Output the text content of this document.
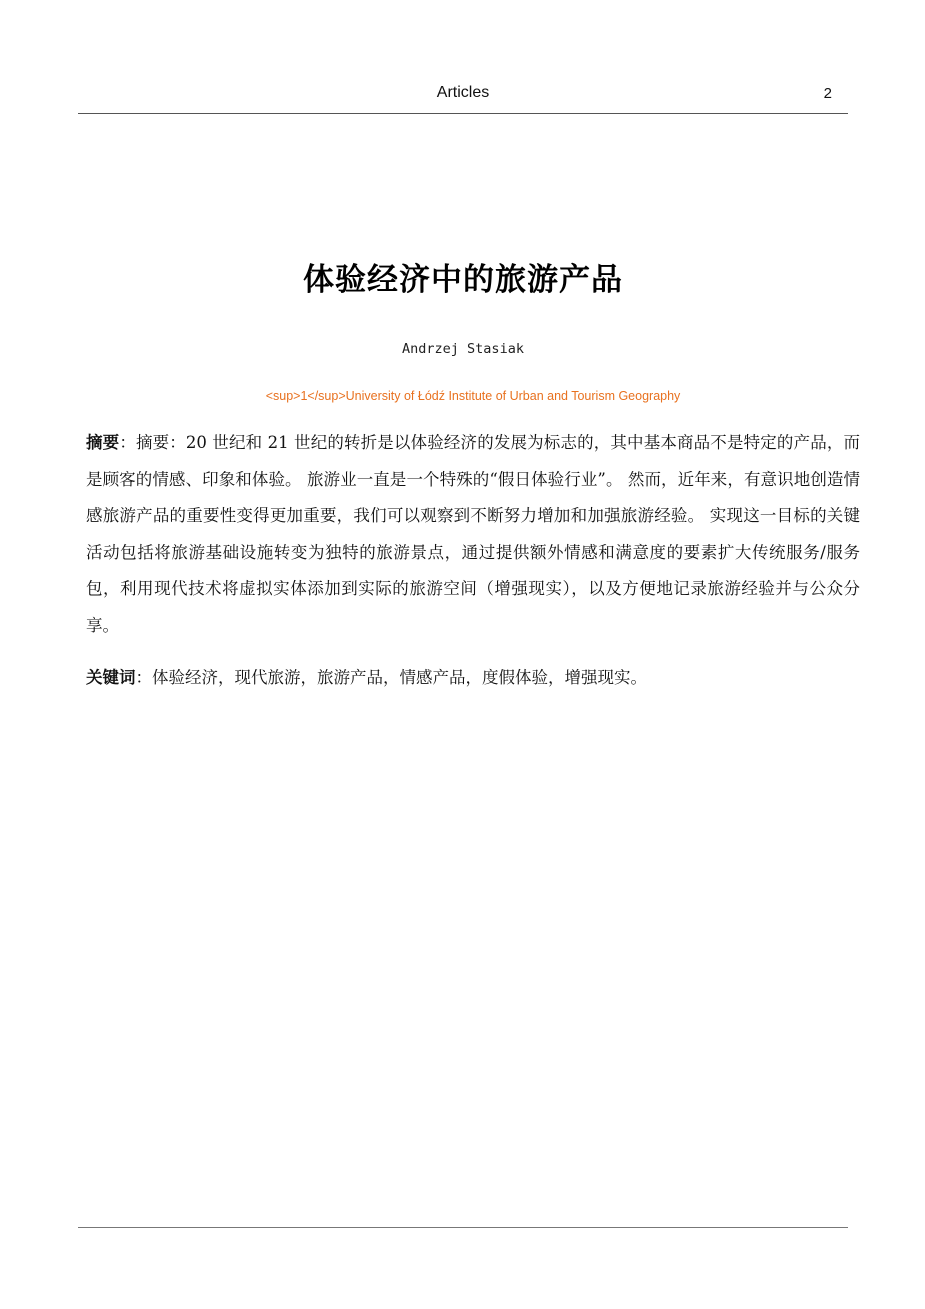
Articles	2
体验经济中的旅游产品
Andrzej Stasiak
<sup>1</sup>University of Łódź Institute of Urban and Tourism Geography
摘要：摘要：20 世纪和 21 世纪的转折是以体验经济的发展为标志的，其中基本商品不是特定的产品，而是顾客的情感、印象和体验。 旅游业一直是一个特殊的“假日体验行业”。 然而，近年来，有意识地创造情感旅游产品的重要性变得更加重要，我们可以观察到不断努力增加和加强旅游经验。 实现这一目标的关键活动包括将旅游基础设施转变为独特的旅游景点，通过提供额外情感和满意度的要素扩大传统服务/服务包，利用现代技术将虚拟实体添加到实际的旅游空间（增强现实），以及方便地记录旅游经验并与公众分享。
关键词：体验经济，现代旅游，旅游产品，情感产品，度假体验，增强现实。
